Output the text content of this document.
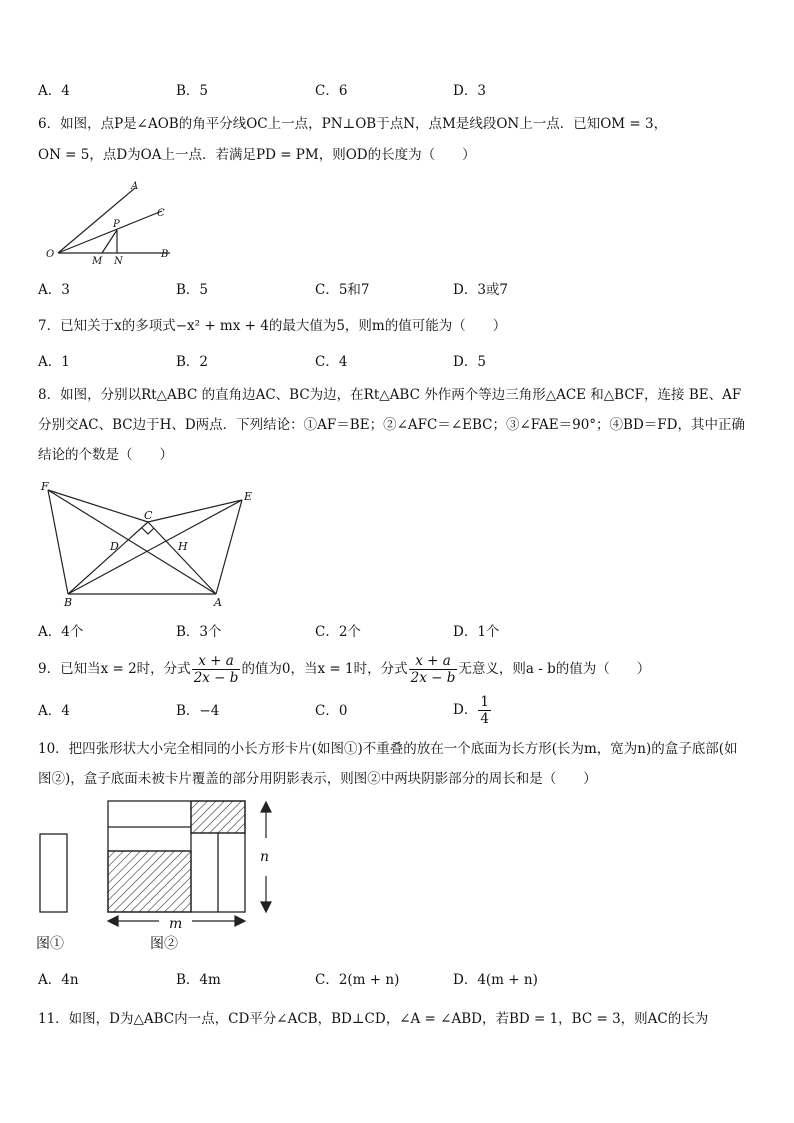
A．4	B．5	C．6	D．3
6．如图，点P是∠AOB的角平分线OC上一点，PN⊥OB于点N，点M是线段ON上一点．已知OM = 3，
ON = 5，点D为OA上一点．若满足PD = PM，则OD的长度为（　　）
A
C
P
O
M N
B
A．3	B．5	C．5和7	D．3或7
7．已知关于x的多项式−x² + mx + 4的最大值为5，则m的值可能为（　　）
A．1	B．2	C．4	D．5
8．如图，分别以Rt△ABC 的直角边AC、BC为边，在Rt△ABC 外作两个等边三角形△ACE 和△BCF，连接 BE、AF
分别交AC、BC边于H、D两点．下列结论：①AF＝BE；②∠AFC＝∠EBC；③∠FAE＝90°；④BD＝FD，其中正确
结论的个数是（　　）
F
E
C
D	H
B	A
A．4个	B．3个	C．2个	D．1个
9．已知当x = 2时，分式 $\frac{x + a}{2x - b}$ 的值为0，当x = 1时，分式 $\frac{x + a}{2x - b}$ 无意义，则a - b的值为（　　）
A．4	B．−4	C．0	D． $\frac{1}{4}$
10．把四张形状大小完全相同的小长方形卡片(如图①)不重叠的放在一个底面为长方形(长为m，宽为n)的盒子底部(如
图②)，盒子底面未被卡片覆盖的部分用阴影表示，则图②中两块阴影部分的周长和是（　　）
n
m
图①	图②
A．4n	B．4m	C．2(m + n)	D．4(m + n)
11．如图，D为△ABC内一点，CD平分∠ACB，BD⊥CD，∠A = ∠ABD，若BD = 1，BC = 3，则AC的长为
